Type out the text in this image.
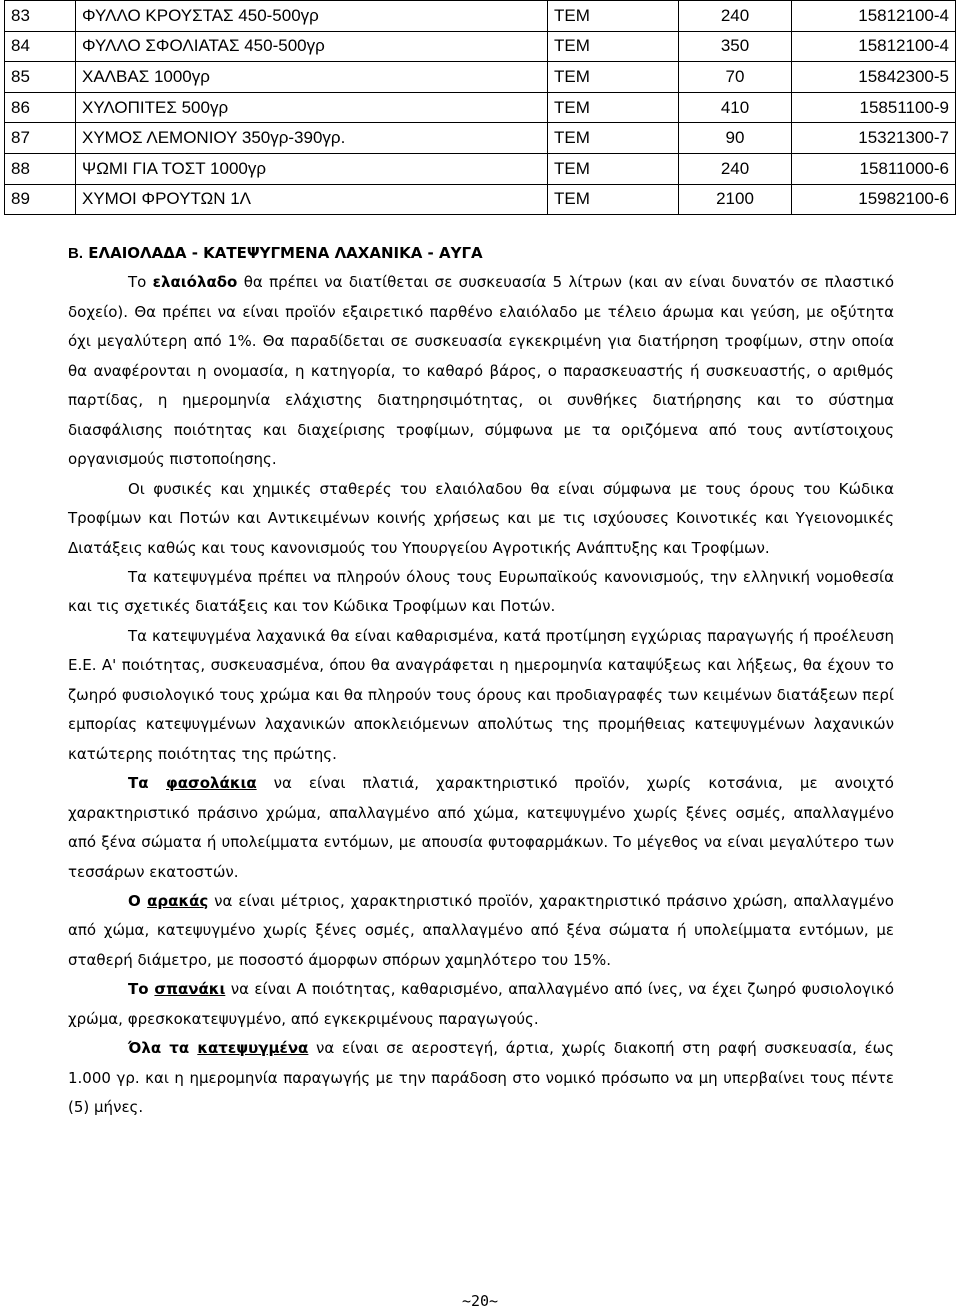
83	ΦΥΛΛΟ ΚΡΟΥΣΤΑΣ 450-500γρ	ΤΕΜ	240	15812100-4
84	ΦΥΛΛΟ ΣΦΟΛΙΑΤΑΣ 450-500γρ	ΤΕΜ	350	15812100-4
85	ΧΑΛΒΑΣ 1000γρ	ΤΕΜ	70	15842300-5
86	ΧΥΛΟΠΙΤΕΣ 500γρ	ΤΕΜ	410	15851100-9
87	ΧΥΜΟΣ ΛΕΜΟΝΙΟΥ 350γρ-390γρ.	ΤΕΜ	90	15321300-7
88	ΨΩΜΙ ΓΙΑ ΤΟΣΤ 1000γρ	ΤΕΜ	240	15811000-6
89	ΧΥΜΟΙ ΦΡΟΥΤΩΝ 1Λ	ΤΕΜ	2100	15982100-6
Β. ΕΛΑΙΟΛΑΔΑ - ΚΑΤΕΨΥΓΜΕΝΑ ΛΑΧΑΝΙΚΑ - ΑΥΓΑ

Το ελαιόλαδο θα πρέπει να διατίθεται σε συσκευασία 5 λίτρων (και αν είναι δυνατόν σε πλαστικό δοχείο). Θα πρέπει να είναι προϊόν εξαιρετικό παρθένο ελαιόλαδο με τέλειο άρωμα και γεύση, με οξύτητα όχι μεγαλύτερη από 1%. Θα παραδίδεται σε συσκευασία εγκεκριμένη για διατήρηση τροφίμων, στην οποία θα αναφέρονται η ονομασία, η κατηγορία, το καθαρό βάρος, ο παρασκευαστής ή συσκευαστής, ο αριθμός παρτίδας, η ημερομηνία ελάχιστης διατηρησιμότητας, οι συνθήκες διατήρησης και το σύστημα διασφάλισης ποιότητας και διαχείρισης τροφίμων, σύμφωνα με τα οριζόμενα από τους αντίστοιχους οργανισμούς πιστοποίησης.

Οι φυσικές και χημικές σταθερές του ελαιόλαδου θα είναι σύμφωνα με τους όρους του Κώδικα Τροφίμων και Ποτών και Αντικειμένων κοινής χρήσεως και με τις ισχύουσες Κοινοτικές και Υγειονομικές Διατάξεις καθώς και τους κανονισμούς του Υπουργείου Αγροτικής Ανάπτυξης και Τροφίμων.

Τα κατεψυγμένα πρέπει να πληρούν όλους τους Ευρωπαϊκούς κανονισμούς, την ελληνική νομοθεσία και τις σχετικές διατάξεις και τον Κώδικα Τροφίμων και Ποτών.

Τα κατεψυγμένα λαχανικά θα είναι καθαρισμένα, κατά προτίμηση εγχώριας παραγωγής ή προέλευση Ε.Ε. Α' ποιότητας, συσκευασμένα, όπου θα αναγράφεται η ημερομηνία καταψύξεως και λήξεως, θα έχουν το ζωηρό φυσιολογικό τους χρώμα και θα πληρούν τους όρους και προδιαγραφές των κειμένων διατάξεων περί εμπορίας κατεψυγμένων λαχανικών αποκλειόμενων απολύτως της προμήθειας κατεψυγμένων λαχανικών κατώτερης ποιότητας της πρώτης.

Τα φασολάκια να είναι πλατιά, χαρακτηριστικό προϊόν, χωρίς κοτσάνια, με ανοιχτό χαρακτηριστικό πράσινο χρώμα, απαλλαγμένο από χώμα, κατεψυγμένο χωρίς ξένες οσμές, απαλλαγμένο από ξένα σώματα ή υπολείμματα εντόμων, με απουσία φυτοφαρμάκων. Το μέγεθος να είναι μεγαλύτερο των τεσσάρων εκατοστών.

Ο αρακάς να είναι μέτριος, χαρακτηριστικό προϊόν, χαρακτηριστικό πράσινο χρώση, απαλλαγμένο από χώμα, κατεψυγμένο χωρίς ξένες οσμές, απαλλαγμένο από ξένα σώματα ή υπολείμματα εντόμων, με σταθερή διάμετρο, με ποσοστό άμορφων σπόρων χαμηλότερο του 15%.

Το σπανάκι να είναι Α ποιότητας, καθαρισμένο, απαλλαγμένο από ίνες, να έχει ζωηρό φυσιολογικό χρώμα, φρεσκοκατεψυγμένο, από εγκεκριμένους παραγωγούς.

Όλα τα κατεψυγμένα να είναι σε αεροστεγή, άρτια, χωρίς διακοπή στη ραφή συσκευασία, έως 1.000 γρ. και η ημερομηνία παραγωγής με την παράδοση στο νομικό πρόσωπο να μη υπερβαίνει τους πέντε (5) μήνες.

~20~
